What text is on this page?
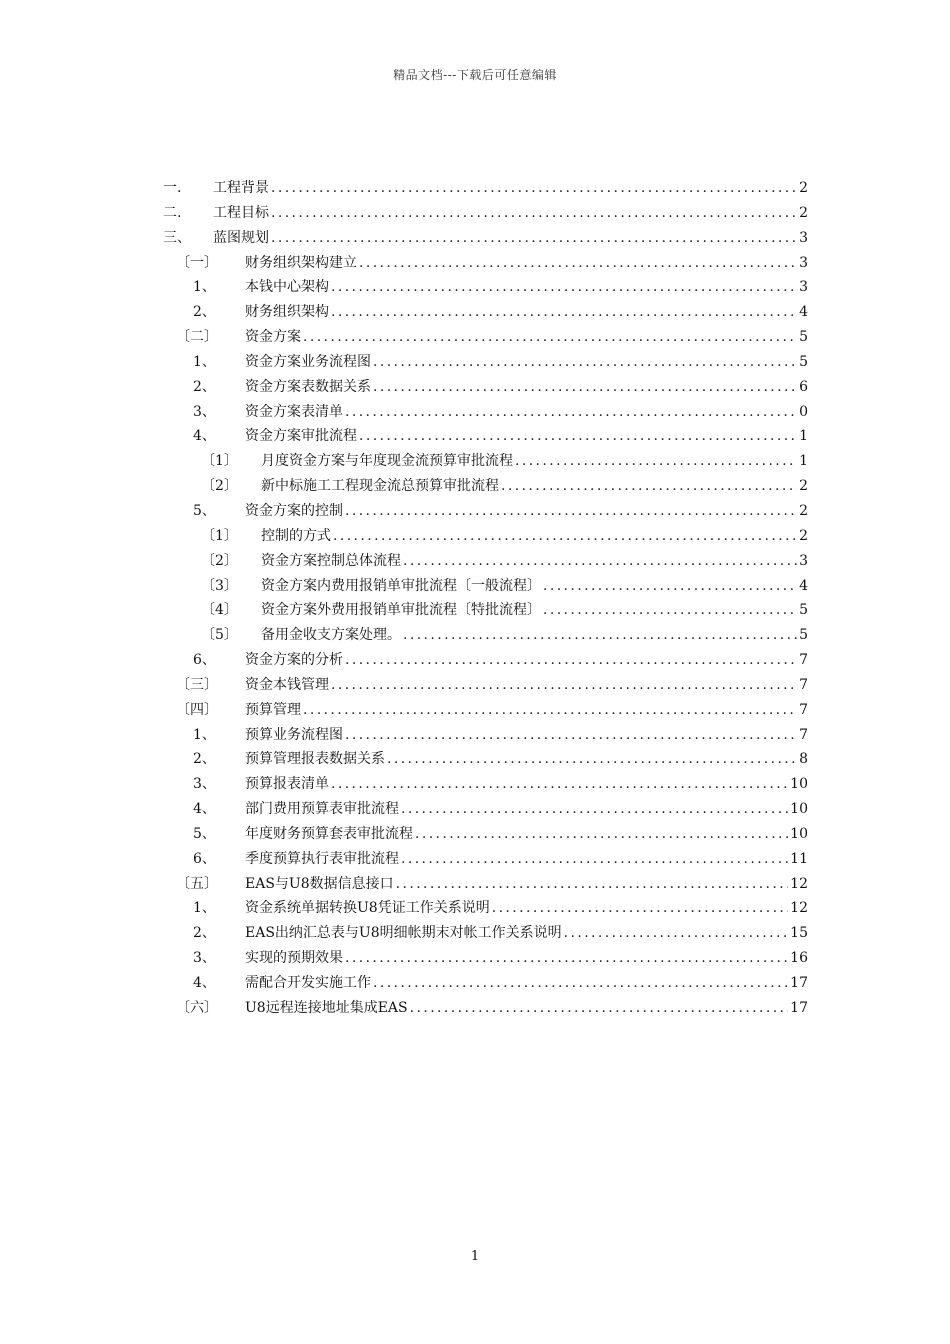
精品文档---下载后可任意编辑
一. 工程背景 .....	2
二. 工程目标 .....	2
三、 蓝图规划 .....	3
〔一〕 财务组织架构建立 .....	3
1、 本钱中心架构 .....	3
2、 财务组织架构 .....	4
〔二〕 资金方案 .....	5
1、 资金方案业务流程图 .....	5
2、 资金方案表数据关系 .....	6
3、 资金方案表清单 .....	0
4、 资金方案审批流程 .....	1
〔1〕 月度资金方案与年度现金流预算审批流程 .....	1
〔2〕 新中标施工工程现金流总预算审批流程 .....	2
5、 资金方案的控制 .....	2
〔1〕 控制的方式 .....	2
〔2〕 资金方案控制总体流程 .....	3
〔3〕 资金方案内费用报销单审批流程〔一般流程〕 .....	4
〔4〕 资金方案外费用报销单审批流程〔特批流程〕 .....	5
〔5〕 备用金收支方案处理。 .....	5
6、 资金方案的分析 .....	7
〔三〕 资金本钱管理 .....	7
〔四〕 预算管理 .....	7
1、 预算业务流程图 .....	7
2、 预算管理报表数据关系 .....	8
3、 预算报表清单 .....	10
4、 部门费用预算表审批流程 .....	10
5、 年度财务预算套表审批流程 .....	10
6、 季度预算执行表审批流程 .....	11
〔五〕 EAS与U8数据信息接口 .....	12
1、 资金系统单据转换U8凭证工作关系说明 .....	12
2、 EAS出纳汇总表与U8明细帐期末对帐工作关系说明 .....	15
3、 实现的预期效果 .....	16
4、 需配合开发实施工作 .....	17
〔六〕 U8远程连接地址集成EAS .....	17
1
